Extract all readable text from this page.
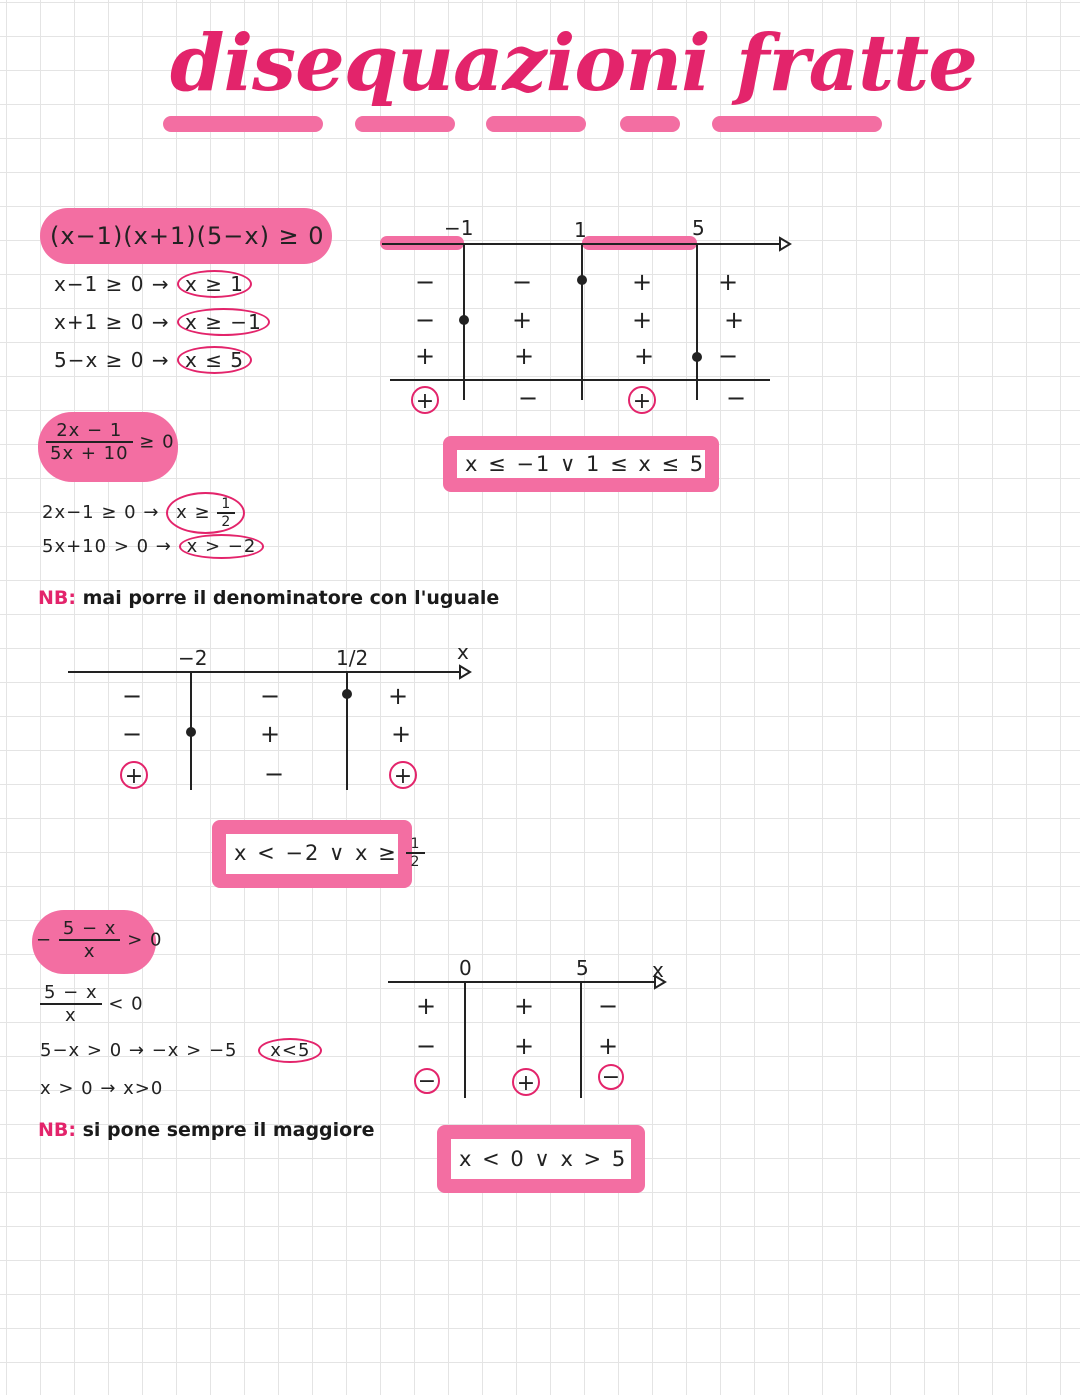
disequazioni fratte
(x−1)(x+1)(5−x) ≥ 0
x−1 ≥ 0 → x ≥ 1
x+1 ≥ 0 → x ≥ −1
5−x ≥ 0 → x ≤ 5
−1	1	5
−	−	+	+
−	+	+	+
+	+	+	−
+	−	+	−
x ≤ −1 ∨ 1 ≤ x ≤ 5
$\frac{2x - 1}{5x + 10} \ge 0$
$2x-1 \ge 0 \to x \ge \frac{1}{2}$
5x+10 > 0 → x > −2
NB: mai porre il denominatore con l'uguale
−2	1/2	x
−	−	+
−	+	+
+	−	+
x < −2 ∨ $x \ge \frac{1}{2}$
− $\frac{5 - x}{x} > 0$
$\frac{5 - x}{x} < 0$
5−x > 0 → −x > −5 x<5
x > 0 → x>0
NB: si pone sempre il maggiore
0	5	x
+	+	−
−	+	+
−	+	−
x < 0 ∨ x > 5
